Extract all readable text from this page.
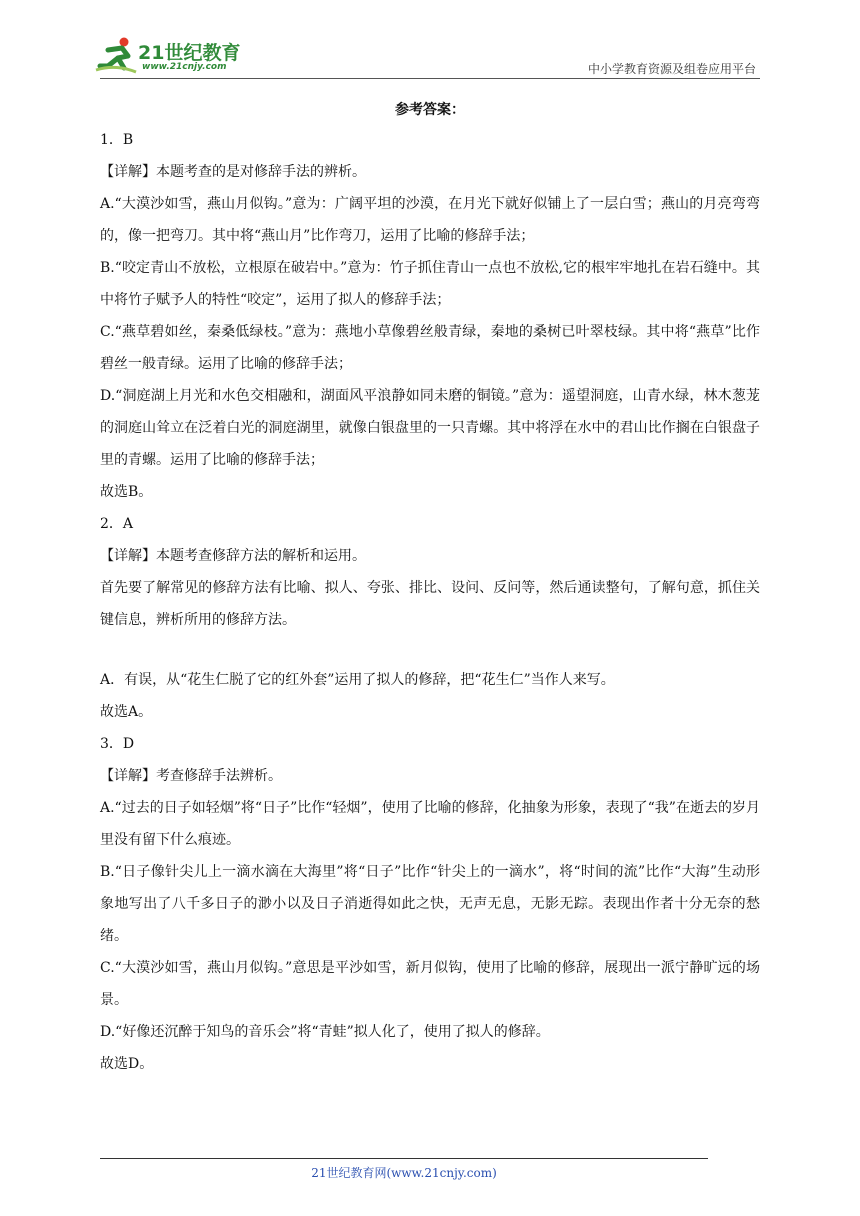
21世纪教育
www.21cnjy.com	中小学教育资源及组卷应用平台
参考答案：

1．B

【详解】本题考查的是对修辞手法的辨析。

A.“大漠沙如雪，燕山月似钩。”意为：广阔平坦的沙漠，在月光下就好似铺上了一层白雪；燕山的月亮弯弯的，像一把弯刀。其中将“燕山月”比作弯刀，运用了比喻的修辞手法；

B.“咬定青山不放松，立根原在破岩中。”意为：竹子抓住青山一点也不放松,它的根牢牢地扎在岩石缝中。其中将竹子赋予人的特性“咬定”，运用了拟人的修辞手法；

C.“燕草碧如丝，秦桑低绿枝。”意为：燕地小草像碧丝般青绿，秦地的桑树已叶翠枝绿。其中将“燕草”比作碧丝一般青绿。运用了比喻的修辞手法；

D.“洞庭湖上月光和水色交相融和，湖面风平浪静如同未磨的铜镜。”意为：遥望洞庭，山青水绿，林木葱茏的洞庭山耸立在泛着白光的洞庭湖里，就像白银盘里的一只青螺。其中将浮在水中的君山比作搁在白银盘子里的青螺。运用了比喻的修辞手法；

故选B。

2．A

【详解】本题考查修辞方法的解析和运用。

首先要了解常见的修辞方法有比喻、拟人、夸张、排比、设问、反问等，然后通读整句，了解句意，抓住关键信息，辨析所用的修辞方法。

A．有误，从“花生仁脱了它的红外套”运用了拟人的修辞，把“花生仁”当作人来写。

故选A。

3．D

【详解】考查修辞手法辨析。

A.“过去的日子如轻烟”将“日子”比作“轻烟”，使用了比喻的修辞，化抽象为形象，表现了“我”在逝去的岁月里没有留下什么痕迹。

B.“日子像针尖儿上一滴水滴在大海里”将“日子”比作“针尖上的一滴水”，将“时间的流”比作“大海”生动形象地写出了八千多日子的渺小以及日子消逝得如此之快，无声无息，无影无踪。表现出作者十分无奈的愁绪。

C.“大漠沙如雪，燕山月似钩。”意思是平沙如雪，新月似钩，使用了比喻的修辞，展现出一派宁静旷远的场景。

D.“好像还沉醉于知鸟的音乐会”将“青蛙”拟人化了，使用了拟人的修辞。

故选D。

21世纪教育网(www.21cnjy.com)
